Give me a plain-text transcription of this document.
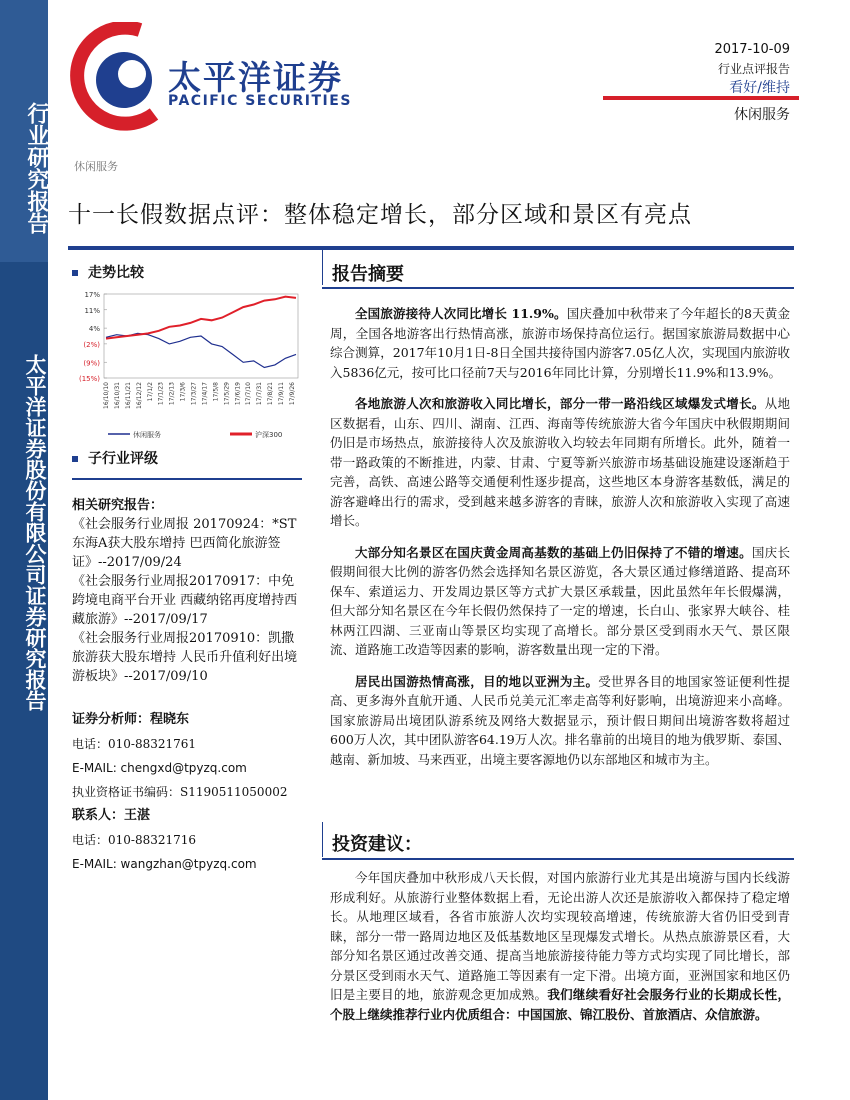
行业研究报告
太平洋证券股份有限公司证券研究报告
太平洋证券
PACIFIC SECURITIES
2017-10-09
行业点评报告
看好/维持
休闲服务
休闲服务
十一长假数据点评：整体稳定增长，部分区域和景区有亮点
走势比较
17%
11%
4%
(2%)
(9%)
(15%)
16/10/10 16/10/31 16/11/21 16/12/12 17/1/2 17/1/23 17/2/13 17/3/6 17/3/27 17/4/17 17/5/8 17/5/29 17/6/19 17/7/10 17/7/31 17/8/21 17/9/11 17/9/26
休闲服务	沪深300
子行业评级
相关研究报告：
《社会服务行业周报 20170924：*ST东海A获大股东增持 巴西简化旅游签证》--2017/09/24
《社会服务行业周报20170917：中免跨境电商平台开业 西藏纳铭再度增持西藏旅游》--2017/09/17
《社会服务行业周报20170910：凯撒旅游获大股东增持 人民币升值利好出境游板块》--2017/09/10
证券分析师：程晓东
电话：010-88321761
E-MAIL: chengxd@tpyzq.com
执业资格证书编码：S1190511050002
联系人：王湛
电话：010-88321716
E-MAIL: wangzhan@tpyzq.com
报告摘要

全国旅游接待人次同比增长 11.9%。国庆叠加中秋带来了今年超长的8天黄金周，全国各地游客出行热情高涨，旅游市场保持高位运行。据国家旅游局数据中心综合测算，2017年10月1日-8日全国共接待国内游客7.05亿人次，实现国内旅游收入5836亿元，按可比口径前7天与2016年同比计算，分别增长11.9%和13.9%。

各地旅游人次和旅游收入同比增长，部分一带一路沿线区域爆发式增长。从地区数据看，山东、四川、湖南、江西、海南等传统旅游大省今年国庆中秋假期期间仍旧是市场热点，旅游接待人次及旅游收入均较去年同期有所增长。此外，随着一带一路政策的不断推进，内蒙、甘肃、宁夏等新兴旅游市场基础设施建设逐渐趋于完善，高铁、高速公路等交通便利性逐步提高，这些地区本身游客基数低，满足的游客避峰出行的需求，受到越来越多游客的青睐，旅游人次和旅游收入实现了高速增长。

大部分知名景区在国庆黄金周高基数的基础上仍旧保持了不错的增速。国庆长假期间很大比例的游客仍然会选择知名景区游览，各大景区通过修缮道路、提高环保车、索道运力、开发周边景区等方式扩大景区承载量，因此虽然年年长假爆满，但大部分知名景区在今年长假仍然保持了一定的增速，长白山、张家界大峡谷、桂林两江四湖、三亚南山等景区均实现了高增长。部分景区受到雨水天气、景区限流、道路施工改造等因素的影响，游客数量出现一定的下滑。

居民出国游热情高涨，目的地以亚洲为主。受世界各目的地国家签证便利性提高、更多海外直航开通、人民币兑美元汇率走高等利好影响，出境游迎来小高峰。国家旅游局出境团队游系统及网络大数据显示，预计假日期间出境游客数将超过600万人次，其中团队游客64.19万人次。排名靠前的出境目的地为俄罗斯、泰国、越南、新加坡、马来西亚，出境主要客源地仍以东部地区和城市为主。

投资建议：

今年国庆叠加中秋形成八天长假，对国内旅游行业尤其是出境游与国内长线游形成利好。从旅游行业整体数据上看，无论出游人次还是旅游收入都保持了稳定增长。从地理区域看，各省市旅游人次均实现较高增速，传统旅游大省仍旧受到青睐，部分一带一路周边地区及低基数地区呈现爆发式增长。从热点旅游景区看，大部分知名景区通过改善交通、提高当地旅游接待能力等方式均实现了同比增长，部分景区受到雨水天气、道路施工等因素有一定下滑。出境方面，亚洲国家和地区仍旧是主要目的地，旅游观念更加成熟。我们继续看好社会服务行业的长期成长性，个股上继续推荐行业内优质组合：中国国旅、锦江股份、首旅酒店、众信旅游。
